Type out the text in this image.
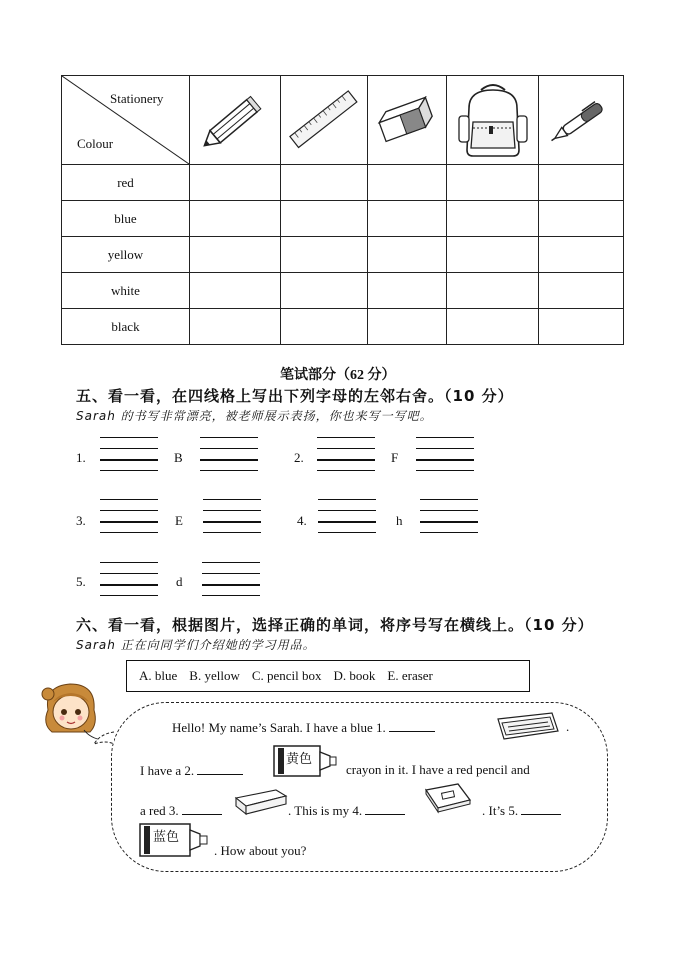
Stationery
Colour

red					
blue					
yellow					
white					
black					
笔试部分（62 分）
五、看一看，在四线格上写出下列字母的左邻右舍。（10 分）
Sarah 的书写非常漂亮，被老师展示表扬，你也来写一写吧。
1.	B	2.	F
3.	E	4.	h
5.	d
六、看一看，根据图片，选择正确的单词，将序号写在横线上。（10 分）
Sarah 正在向同学们介绍她的学习用品。
A. blue B. yellow C. pencil box D. book E. eraser
Hello! My name’s Sarah. I have a blue 1.	.
I have a 2.
黄色
crayon in it. I have a red pencil and
a red 3.	. This is my 4.	. It’s 5.
蓝色
. How about you?
